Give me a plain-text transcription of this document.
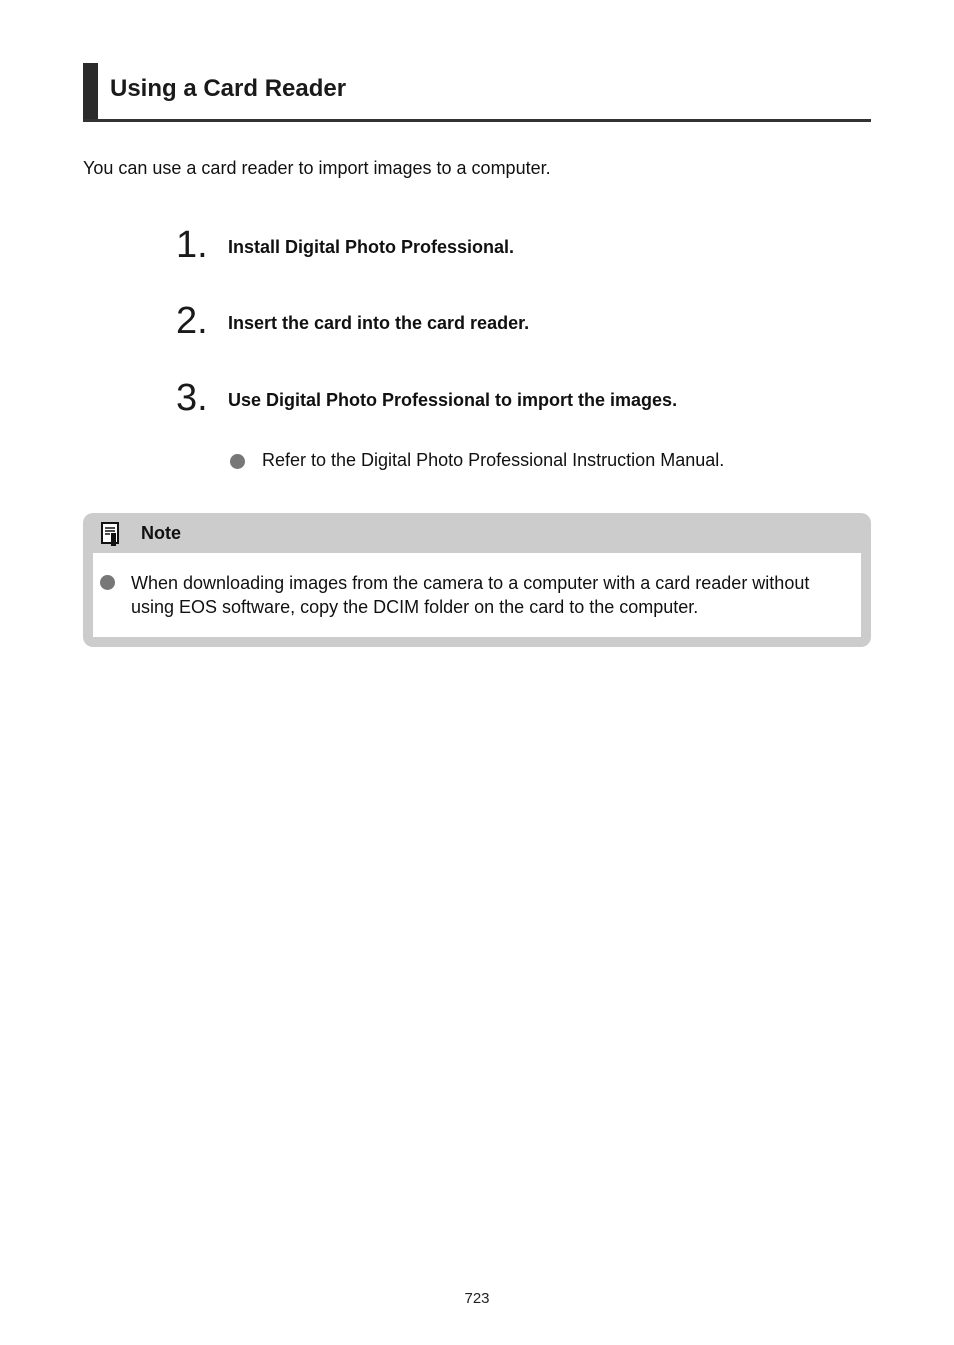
Using a Card Reader
You can use a card reader to import images to a computer.
1. Install Digital Photo Professional.
2. Insert the card into the card reader.
3. Use Digital Photo Professional to import the images.
Refer to the Digital Photo Professional Instruction Manual.
Note
When downloading images from the camera to a computer with a card reader without using EOS software, copy the DCIM folder on the card to the computer.
723
